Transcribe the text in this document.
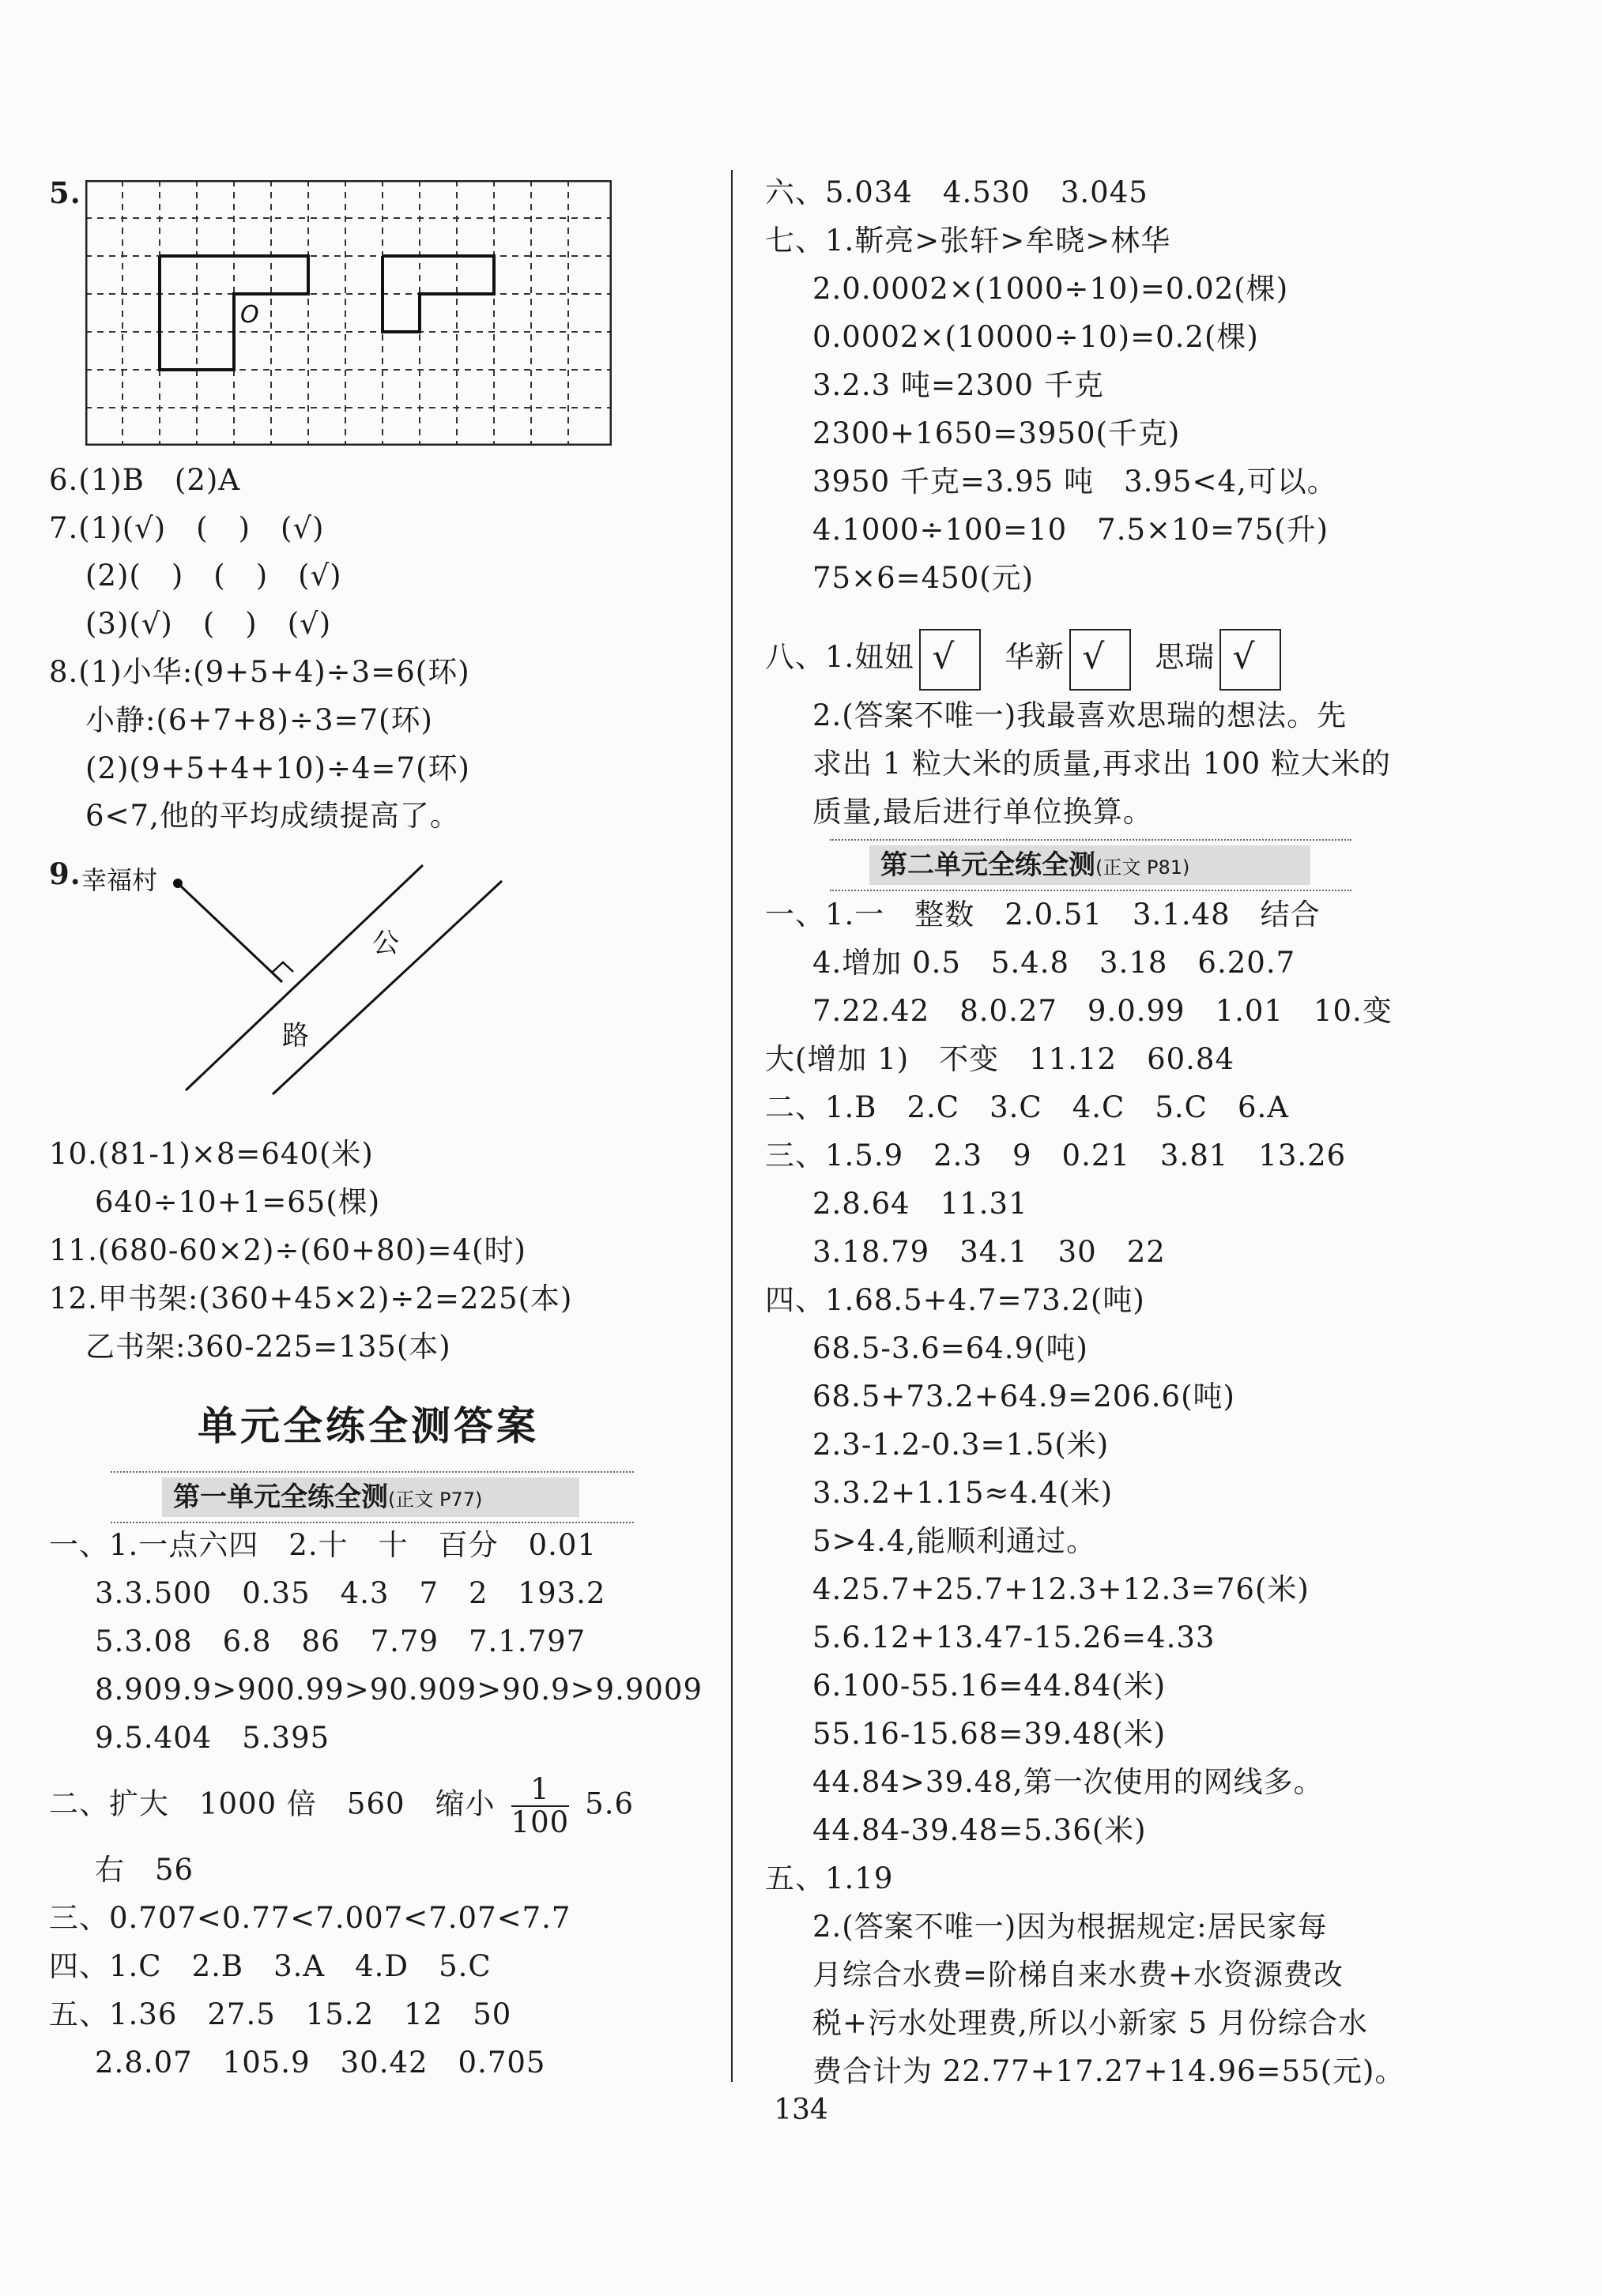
5.
O
6.(1)B　(2)A
7.(1)(√)　(　)　(√)
(2)(　)　(　)　(√)
(3)(√)　(　)　(√)
8.(1)小华:(9+5+4)÷3=6(环)
小静:(6+7+8)÷3=7(环)
(2)(9+5+4+10)÷4=7(环)
6<7,他的平均成绩提高了。
9. 幸福村
公
路
10.(81-1)×8=640(米)
640÷10+1=65(棵)
11.(680-60×2)÷(60+80)=4(时)
12.甲书架:(360+45×2)÷2=225(本)
乙书架:360-225=135(本)
单元全练全测答案
第一单元全练全测(正文 P77)
一、1.一点六四　2.十　十　百分　0.01
3.3.500　0.35　4.3　7　2　193.2
5.3.08　6.8　86　7.79　7.1.797
8.909.9>900.99>90.909>90.9>9.9009
9.5.404　5.395
二、扩大　1000 倍　560　缩小 $\frac{1}{100} 5.6$
右　56
三、0.707<0.77<7.007<7.07<7.7
四、1.C　2.B　3.A　4.D　5.C
五、1.36　27.5　15.2　12　50
2.8.07　105.9　30.42　0.705
六、5.034　4.530　3.045
七、1.靳亮>张轩>牟晓>林华
2.0.0002×(1000÷10)=0.02(棵)
0.0002×(10000÷10)=0.2(棵)
3.2.3 吨=2300 千克
2300+1650=3950(千克)
3950 千克=3.95 吨　3.95<4,可以。
4.1000÷100=10　7.5×10=75(升)
75×6=450(元)
八、1.妞妞 √ 华新 √ 思瑞 √
2.(答案不唯一)我最喜欢思瑞的想法。先
求出 1 粒大米的质量,再求出 100 粒大米的
质量,最后进行单位换算。
第二单元全练全测(正文 P81)
一、1.一　整数　2.0.51　3.1.48　结合
4.增加 0.5　5.4.8　3.18　6.20.7
7.22.42　8.0.27　9.0.99　1.01　10.变
大(增加 1)　不变　11.12　60.84
二、1.B　2.C　3.C　4.C　5.C　6.A
三、1.5.9　2.3　9　0.21　3.81　13.26
2.8.64　11.31
3.18.79　34.1　30　22
四、1.68.5+4.7=73.2(吨)
68.5-3.6=64.9(吨)
68.5+73.2+64.9=206.6(吨)
2.3-1.2-0.3=1.5(米)
3.3.2+1.15≈4.4(米)
5>4.4,能顺利通过。
4.25.7+25.7+12.3+12.3=76(米)
5.6.12+13.47-15.26=4.33
6.100-55.16=44.84(米)
55.16-15.68=39.48(米)
44.84>39.48,第一次使用的网线多。
44.84-39.48=5.36(米)
五、1.19
2.(答案不唯一)因为根据规定:居民家每
月综合水费=阶梯自来水费+水资源费改
税+污水处理费,所以小新家 5 月份综合水
费合计为 22.77+17.27+14.96=55(元)。
134
